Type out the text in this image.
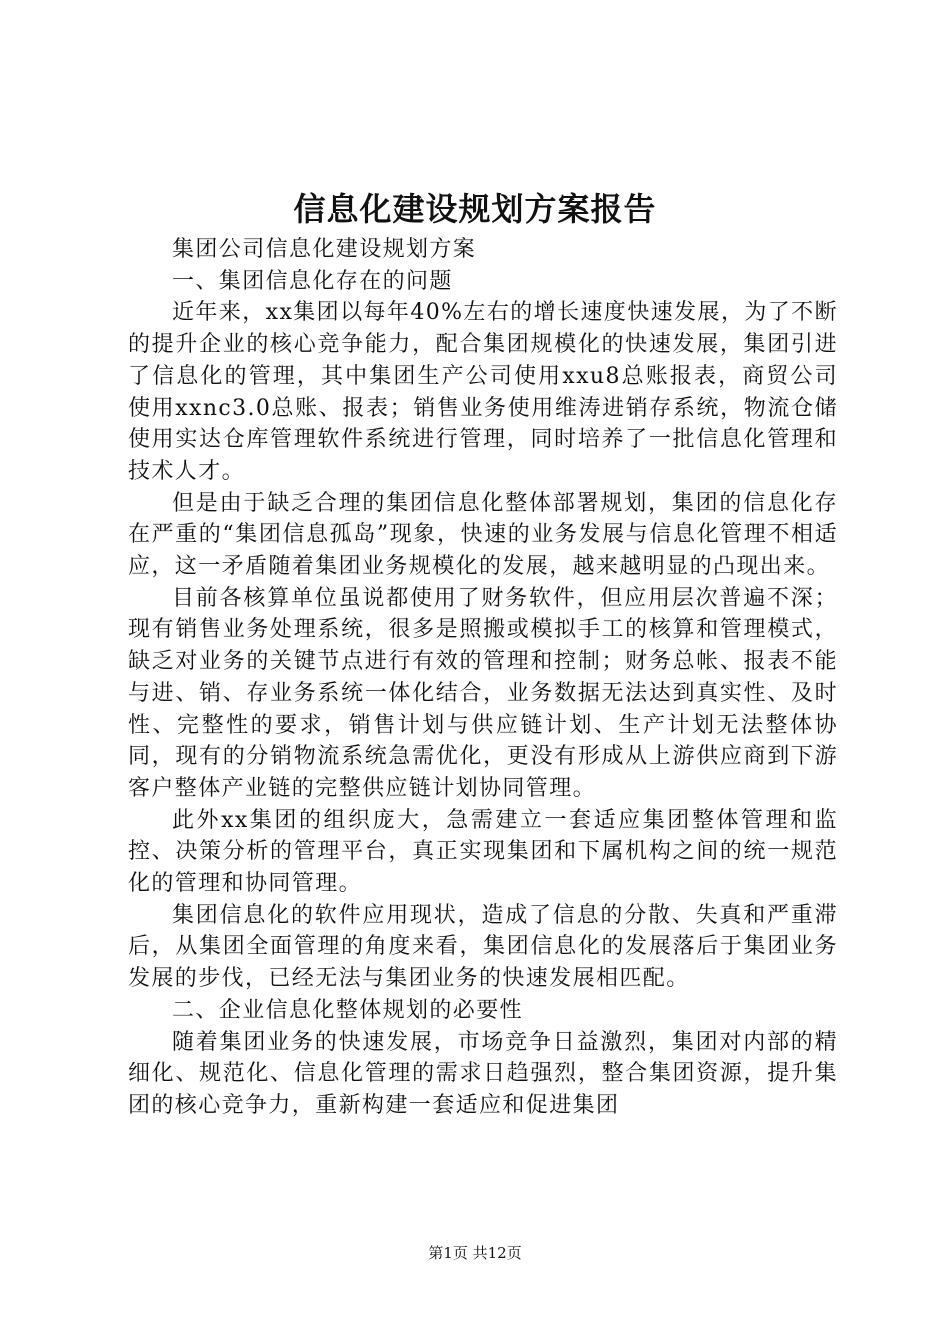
信息化建设规划方案报告

集团公司信息化建设规划方案

一、集团信息化存在的问题

近年来，xx集团以每年40%左右的增长速度快速发展，为了不断的提升企业的核心竞争能力，配合集团规模化的快速发展，集团引进了信息化的管理，其中集团生产公司使用xxu8总账报表，商贸公司使用xxnc3.0总账、报表；销售业务使用维涛进销存系统，物流仓储使用实达仓库管理软件系统进行管理，同时培养了一批信息化管理和技术人才。

但是由于缺乏合理的集团信息化整体部署规划，集团的信息化存在严重的“集团信息孤岛”现象，快速的业务发展与信息化管理不相适应，这一矛盾随着集团业务规模化的发展，越来越明显的凸现出来。

目前各核算单位虽说都使用了财务软件，但应用层次普遍不深；现有销售业务处理系统，很多是照搬或模拟手工的核算和管理模式，缺乏对业务的关键节点进行有效的管理和控制；财务总帐、报表不能与进、销、存业务系统一体化结合，业务数据无法达到真实性、及时性、完整性的要求，销售计划与供应链计划、生产计划无法整体协同，现有的分销物流系统急需优化，更没有形成从上游供应商到下游客户整体产业链的完整供应链计划协同管理。

此外xx集团的组织庞大，急需建立一套适应集团整体管理和监控、决策分析的管理平台，真正实现集团和下属机构之间的统一规范化的管理和协同管理。

集团信息化的软件应用现状，造成了信息的分散、失真和严重滞后，从集团全面管理的角度来看，集团信息化的发展落后于集团业务发展的步伐，已经无法与集团业务的快速发展相匹配。

二、企业信息化整体规划的必要性

随着集团业务的快速发展，市场竞争日益激烈，集团对内部的精细化、规范化、信息化管理的需求日趋强烈，整合集团资源，提升集团的核心竞争力，重新构建一套适应和促进集团

第1页 共12页
